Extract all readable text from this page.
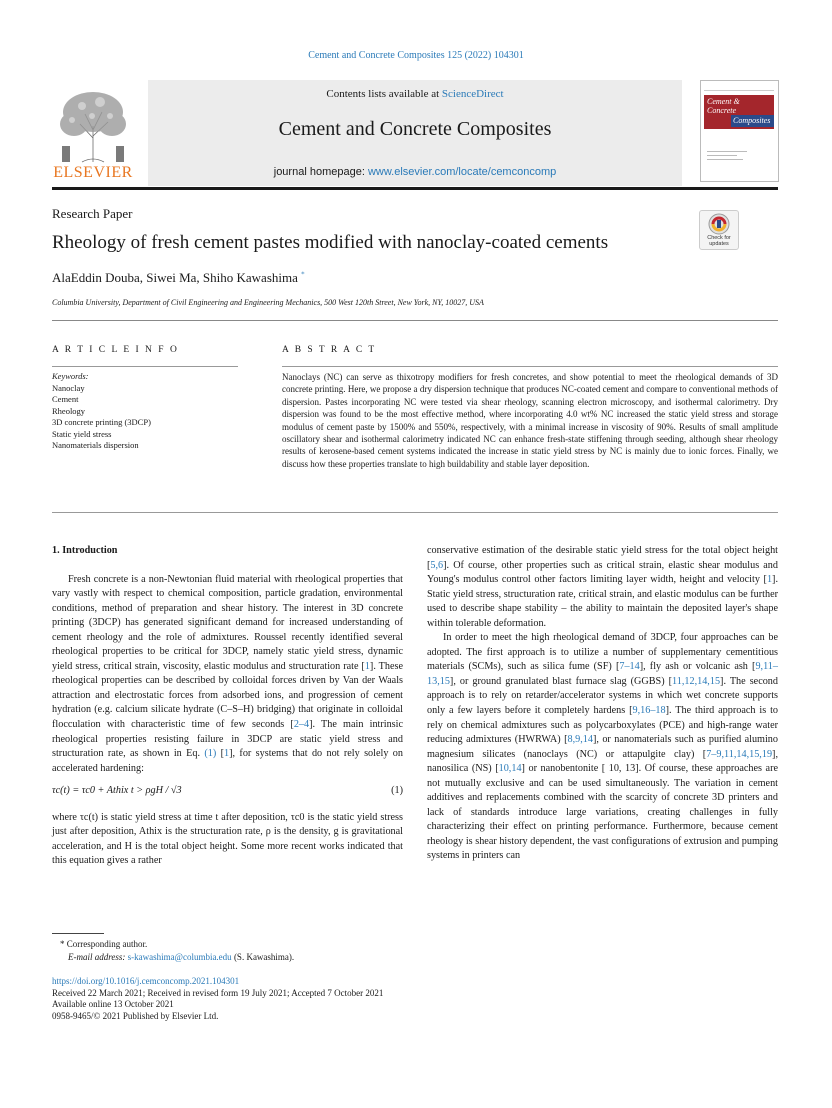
Cement and Concrete Composites 125 (2022) 104301
ELSEVIER
Contents lists available at ScienceDirect
Cement and Concrete Composites
journal homepage: www.elsevier.com/locate/cemconcomp
Cement &
Concrete
Composites
Research Paper
Rheology of fresh cement pastes modified with nanoclay-coated cements	Check for
updates
AlaEddin Douba, Siwei Ma, Shiho Kawashima *
Columbia University, Department of Civil Engineering and Engineering Mechanics, 500 West 120th Street, New York, NY, 10027, USA
A R T I C L E I N F O	A B S T R A C T
Keywords:
Nanoclay
Cement
Rheology
3D concrete printing (3DCP)
Static yield stress
Nanomaterials dispersion
Nanoclays (NC) can serve as thixotropy modifiers for fresh concretes, and show potential to meet the rheological demands of 3D concrete printing. Here, we propose a dry dispersion technique that produces NC-coated cement and compare to conventional methods of dispersion. Pastes incorporating NC were tested via shear rheology, scanning electron microscopy, and isothermal calorimetry. Dry dispersion was found to be the most effective method, where incorporating 4.0 wt% NC increased the static yield stress and storage modulus of cement paste by 1500% and 550%, respectively, with a minimal increase in viscosity of 90%. Results of small amplitude oscillatory shear and isothermal calorimetry indicated NC can enhance fresh-state stiffening through seeding, although shear rheology results of kerosene-based cement systems indicated the increase in static yield stress by NC is mainly due to ionic forces. Finally, we discuss how these properties translate to high buildability and stable layer deposition.
1. Introduction

Fresh concrete is a non-Newtonian fluid material with rheological properties that vary vastly with respect to chemical composition, particle gradation, environmental conditions, method of preparation and shear history. The interest in 3D concrete printing (3DCP) has generated significant demand for increased understanding of cement rheology and the role of admixtures. Roussel recently identified several rheological properties to be critical for 3DCP, namely static yield stress, dynamic yield stress, critical strain, viscosity, elastic modulus and structuration rate [1]. These rheological properties can be described by colloidal forces driven by Van der Waals attraction and electrostatic forces from adsorbed ions, and progression of cement hydration (e.g. calcium silicate hydrate (C–S–H) bridging) that originate in colloidal flocculation with characteristic time of few seconds [2–4]. The main intrinsic rheological properties resisting failure in 3DCP are static yield stress and structuration rate, as shown in Eq. (1) [1], for systems that do not rely solely on accelerated hardening:

τc(t) = τc0 + Athix t > ρgH / √3	(1)

where τc(t) is static yield stress at time t after deposition, τc0 is the static yield stress just after deposition, Athix is the structuration rate, ρ is the density, g is gravitational acceleration, and H is the total object height. Some more recent works indicated that this equation gives a rather

conservative estimation of the desirable static yield stress for the total object height [5,6]. Of course, other properties such as critical strain, elastic shear modulus and Young's modulus control other factors limiting layer width, height and velocity [1]. Static yield stress, structuration rate, critical strain, and elastic modulus can be further used to describe shape stability – the ability to maintain the deposited layer's shape within tolerable deformation.

In order to meet the high rheological demand of 3DCP, four approaches can be adopted. The first approach is to utilize a number of supplementary cementitious materials (SCMs), such as silica fume (SF) [7–14], fly ash or volcanic ash [9,11–13,15], or ground granulated blast furnace slag (GGBS) [11,12,14,15]. The second approach is to rely on retarder/accelerator systems in which wet concrete supports only a few layers before it completely hardens [9,16–18]. The third approach is to rely on chemical admixtures such as polycarboxylates (PCE) and high-range water reducing admixtures (HWRWA) [8,9,14], or nanomaterials such as purified alumino magnesium silicates (nanoclays (NC) or attapulgite clay) [7–9,11,14,15,19], nanosilica (NS) [10,14] or nanobentonite [ 10, 13]. Of course, these approaches are not mutually exclusive and can be used simultaneously. The variation in cement additives and replacements combined with the scarcity of concrete 3D printers and lack of standards introduce large variations, creating challenges in fully characterizing their effect on printing performance. Furthermore, because cement rheology is shear history dependent, the vast configurations of extrusion and pumping systems in printers can

* Corresponding author.
E-mail address: s-kawashima@columbia.edu (S. Kawashima).
https://doi.org/10.1016/j.cemconcomp.2021.104301
Received 22 March 2021; Received in revised form 19 July 2021; Accepted 7 October 2021
Available online 13 October 2021
0958-9465/© 2021 Published by Elsevier Ltd.
